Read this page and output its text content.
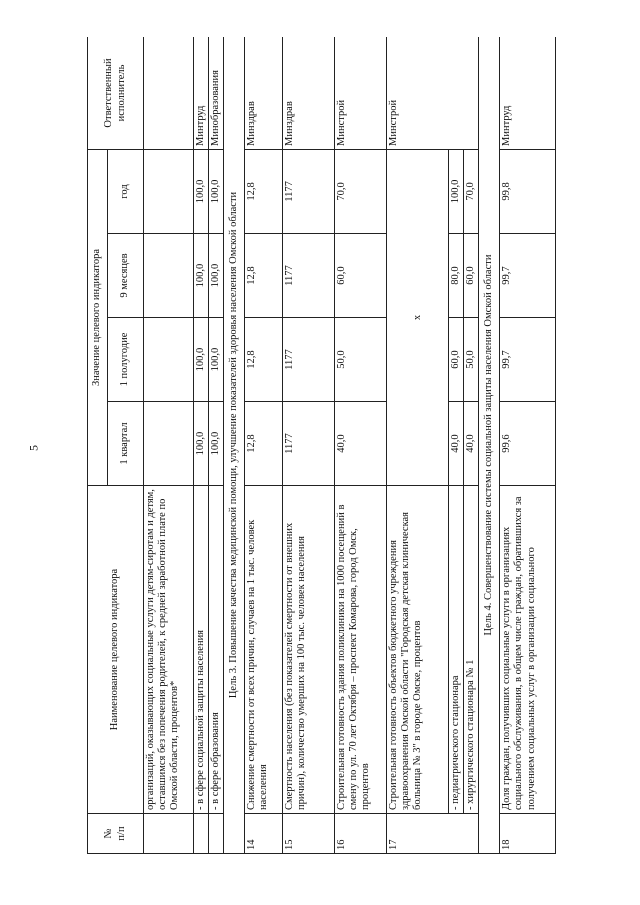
5
№
п/п	Наименование целевого индикатора	Значение целевого индикатора				Ответственный исполнитель
		1 квартал	1 полугодие	9 месяцев	год	
	организаций, оказывающих социальные услуги детям-сиротам и детям, оставшимся без попечения родителей, к средней заработной плате по Омской области, процентов*					
	- в сфере социальной защиты населения	100,0	100,0	100,0	100,0	Минтруд
	- в сфере образования	100,0	100,0	100,0	100,0	Минобразования
Цель 3. Повышение качества медицинской помощи, улучшение показателей здоровья населения Омской области						
14	Снижение смертности от всех причин, случаев на 1 тыс. человек населения	12,8	12,8	12,8	12,8	Минздрав
15	Смертность населения (без показателей смертности от внешних причин), количество умерших на 100 тыс. человек населения	1177	1177	1177	1177	Минздрав
16	Строительная готовность здания поликлиники на 1000 посещений в смену по ул. 70 лет Октября – проспект Комарова, город Омск, процентов	40,0	50,0	60,0	70,0	Минстрой
17	Строительная готовность объектов бюджетного учреждения здравоохранения Омской области "Городская детская клиническая больница № 3" в городе Омске, процентов	х				Минстрой
	- педиатрического стационара	40,0	60,0	80,0	100,0	
	- хирургического стационара № 1	40,0	50,0	60,0	70,0	
Цель 4. Совершенствование системы социальной защиты населения Омской области						
18	Доля граждан, получивших социальные услуги в организациях социального обслуживания, в общем числе граждан, обратившихся за получением социальных услуг в организации социального	99,6	99,7	99,7	99,8	Минтруд
